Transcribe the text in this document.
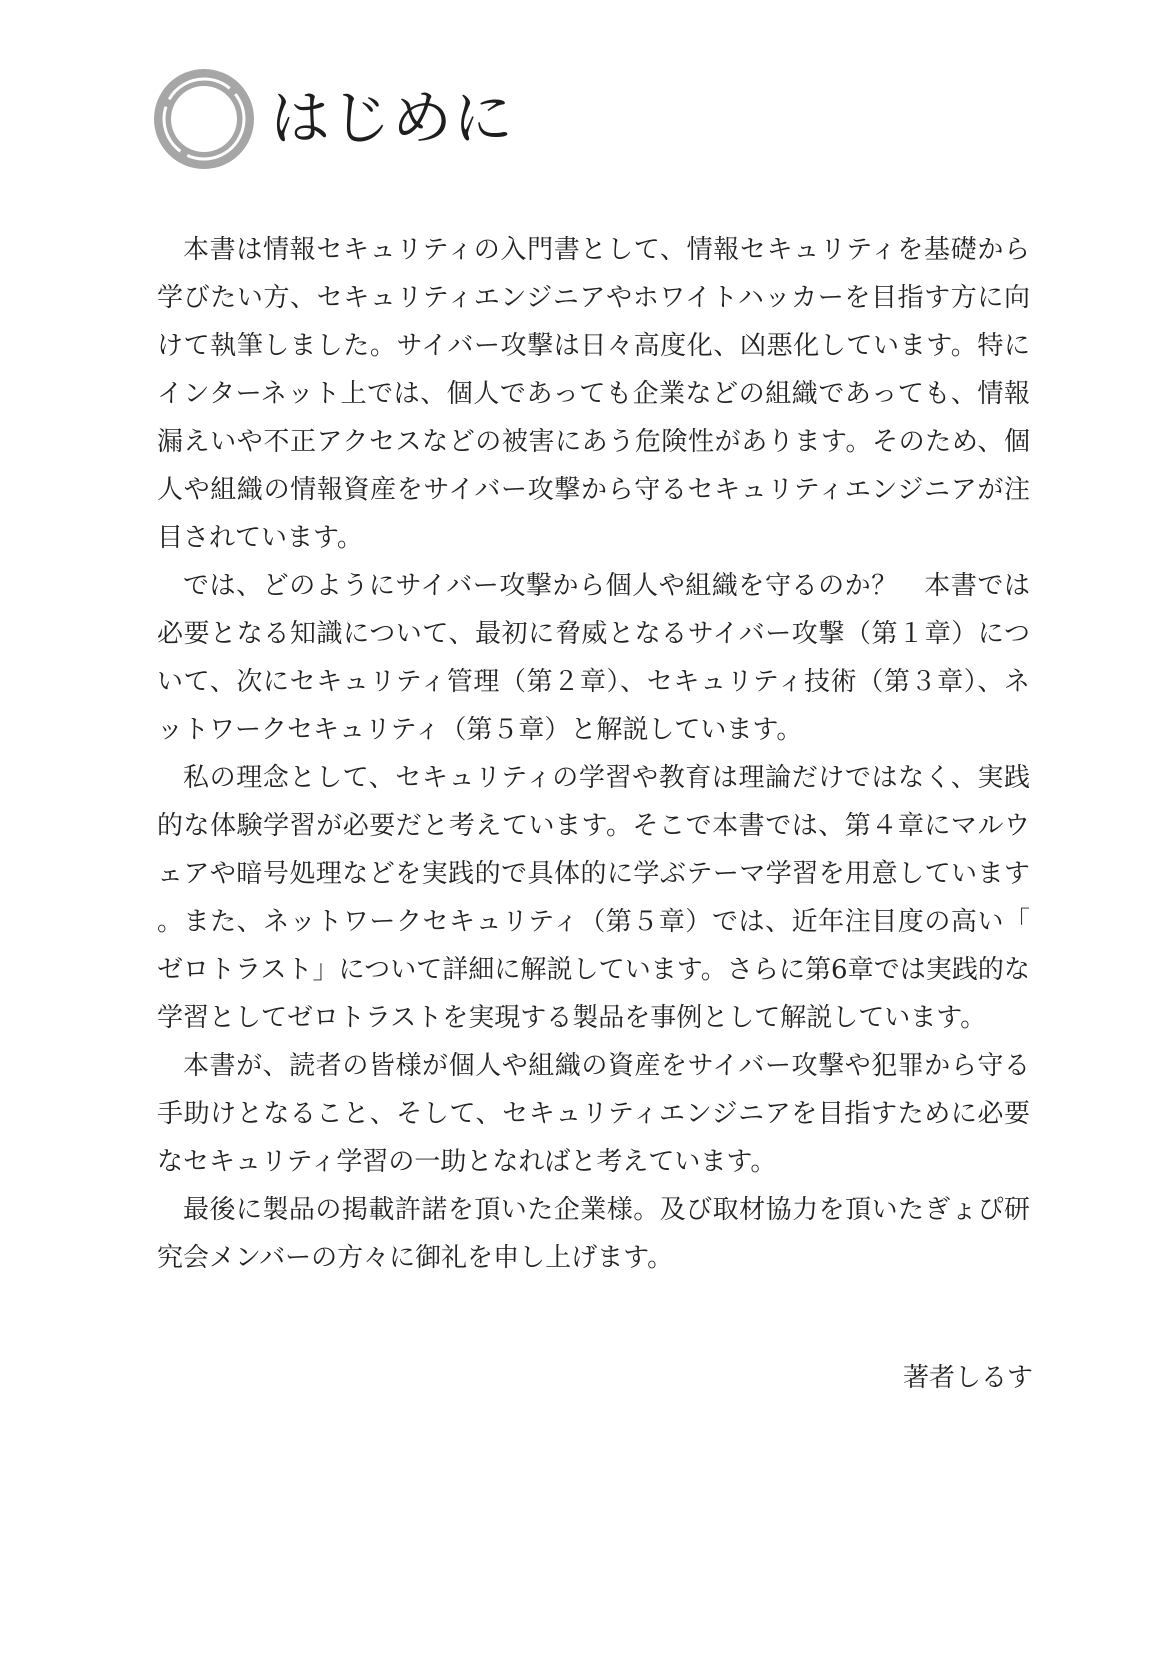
はじめに

本書は情報セキュリティの入門書として、情報セキュリティを基礎から学びたい方、セキュリティエンジニアやホワイトハッカーを目指す方に向けて執筆しました。サイバー攻撃は日々高度化、凶悪化しています。特にインターネット上では、個人であっても企業などの組織であっても、情報漏えいや不正アクセスなどの被害にあう危険性があります。そのため、個人や組織の情報資産をサイバー攻撃から守るセキュリティエンジニアが注目されています。

では、どのようにサイバー攻撃から個人や組織を守るのか？　本書では必要となる知識について、最初に脅威となるサイバー攻撃（第１章）について、次にセキュリティ管理（第２章）、セキュリティ技術（第３章）、ネットワークセキュリティ（第５章）と解説しています。

私の理念として、セキュリティの学習や教育は理論だけではなく、実践的な体験学習が必要だと考えています。そこで本書では、第４章にマルウェアや暗号処理などを実践的で具体的に学ぶテーマ学習を用意しています。また、ネットワークセキュリティ（第５章）では、近年注目度の高い「ゼロトラスト」について詳細に解説しています。さらに第6章では実践的な学習としてゼロトラストを実現する製品を事例として解説しています。

本書が、読者の皆様が個人や組織の資産をサイバー攻撃や犯罪から守る手助けとなること、そして、セキュリティエンジニアを目指すために必要なセキュリティ学習の一助となればと考えています。

最後に製品の掲載許諾を頂いた企業様。及び取材協力を頂いたぎょぴ研究会メンバーの方々に御礼を申し上げます。

著者しるす
